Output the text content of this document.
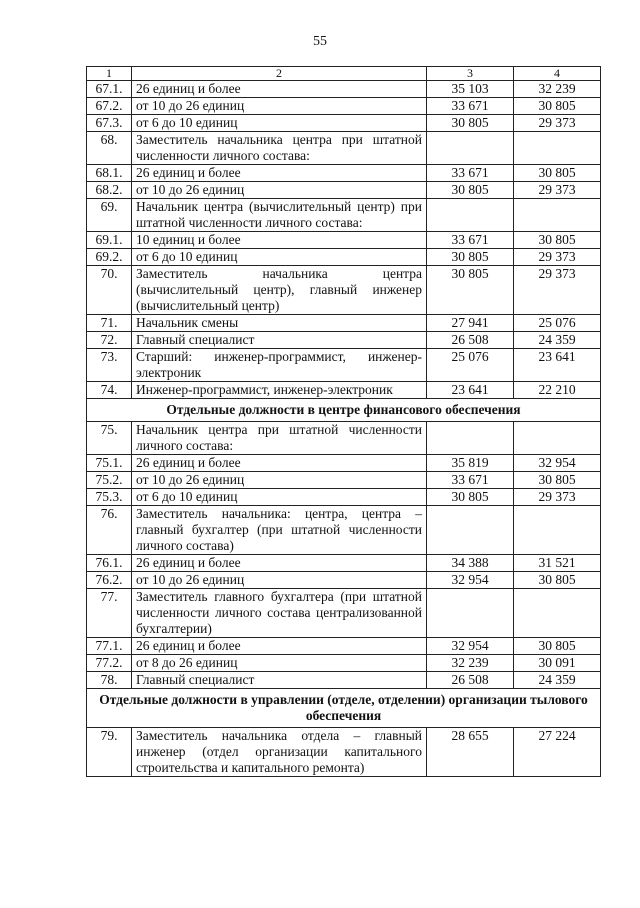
55
1	2	3	4
67.1.	26 единиц и более	35 103	32 239
67.2.	от 10 до 26 единиц	33 671	30 805
67.3.	от 6 до 10 единиц	30 805	29 373
68.	Заместитель начальника центра при штатной численности личного состава:		
68.1.	26 единиц и более	33 671	30 805
68.2.	от 10 до 26 единиц	30 805	29 373
69.	Начальник центра (вычислительный центр) при штатной численности личного состава:		
69.1.	10 единиц и более	33 671	30 805
69.2.	от 6 до 10 единиц	30 805	29 373
70.	Заместитель начальника центра (вычислительный центр), главный инженер (вычислительный центр)	30 805	29 373
71.	Начальник смены	27 941	25 076
72.	Главный специалист	26 508	24 359
73.	Старший: инженер-программист, инженер-электроник	25 076	23 641
74.	Инженер-программист, инженер-электроник	23 641	22 210
Отдельные должности в центре финансового обеспечения			
75.	Начальник центра при штатной численности личного состава:		
75.1.	26 единиц и более	35 819	32 954
75.2.	от 10 до 26 единиц	33 671	30 805
75.3.	от 6 до 10 единиц	30 805	29 373
76.	Заместитель начальника: центра, центра – главный бухгалтер (при штатной численности личного состава)		
76.1.	26 единиц и более	34 388	31 521
76.2.	от 10 до 26 единиц	32 954	30 805
77.	Заместитель главного бухгалтера (при штатной численности личного состава централизованной бухгалтерии)		
77.1.	26 единиц и более	32 954	30 805
77.2.	от 8 до 26 единиц	32 239	30 091
78.	Главный специалист	26 508	24 359
Отдельные должности в управлении (отделе, отделении) организации тылового обеспечения			
79.	Заместитель начальника отдела – главный инженер (отдел организации капитального строительства и капитального ремонта)	28 655	27 224
